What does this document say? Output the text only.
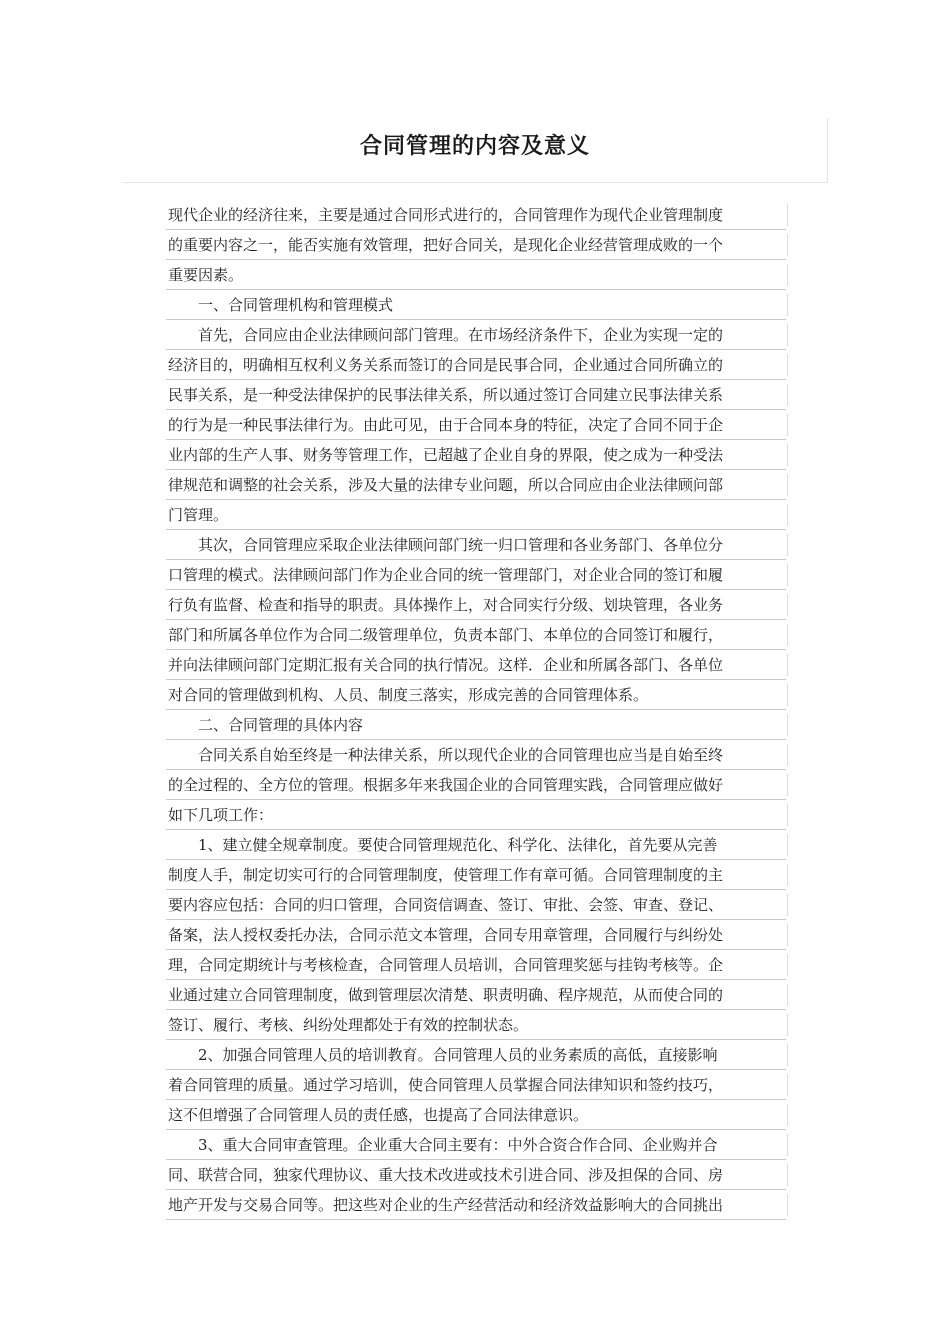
合同管理的内容及意义
现代企业的经济往来，主要是通过合同形式进行的，合同管理作为现代企业管理制度
的重要内容之一，能否实施有效管理，把好合同关，是现化企业经营管理成败的一个
重要因素。
一、合同管理机构和管理模式
首先，合同应由企业法律顾问部门管理。在市场经济条件下，企业为实现一定的
经济目的，明确相互权利义务关系而签订的合同是民事合同，企业通过合同所确立的
民事关系，是一种受法律保护的民事法律关系，所以通过签订合同建立民事法律关系
的行为是一种民事法律行为。由此可见，由于合同本身的特征，决定了合同不同于企
业内部的生产人事、财务等管理工作，已超越了企业自身的界限，使之成为一种受法
律规范和调整的社会关系，涉及大量的法律专业问题，所以合同应由企业法律顾问部
门管理。
其次，合同管理应采取企业法律顾问部门统一归口管理和各业务部门、各单位分
口管理的模式。法律顾问部门作为企业合同的统一管理部门，对企业合同的签订和履
行负有监督、检查和指导的职责。具体操作上，对合同实行分级、划块管理，各业务
部门和所属各单位作为合同二级管理单位，负责本部门、本单位的合同签订和履行，
并向法律顾问部门定期汇报有关合同的执行情况。这样．企业和所属各部门、各单位
对合同的管理做到机构、人员、制度三落实，形成完善的合同管理体系。
二、合同管理的具体内容
合同关系自始至终是一种法律关系，所以现代企业的合同管理也应当是自始至终
的全过程的、全方位的管理。根据多年来我国企业的合同管理实践，合同管理应做好
如下几项工作：
1、建立健全规章制度。要使合同管理规范化、科学化、法律化，首先要从完善
制度人手，制定切实可行的合同管理制度，使管理工作有章可循。合同管理制度的主
要内容应包括：合同的归口管理，合同资信调查、签订、审批、会签、审查、登记、
备案，法人授权委托办法，合同示范文本管理，合同专用章管理，合同履行与纠纷处
理，合同定期统计与考核检查，合同管理人员培训，合同管理奖惩与挂钩考核等。企
业通过建立合同管理制度，做到管理层次清楚、职责明确、程序规范，从而使合同的
签订、履行、考核、纠纷处理都处于有效的控制状态。
2、加强合同管理人员的培训教育。合同管理人员的业务素质的高低，直接影响
着合同管理的质量。通过学习培训，使合同管理人员掌握合同法律知识和签约技巧，
这不但增强了合同管理人员的责任感，也提高了合同法律意识。
3、重大合同审查管理。企业重大合同主要有：中外合资合作合同、企业购并合
同、联营合同，独家代理协议、重大技术改进或技术引进合同、涉及担保的合同、房
地产开发与交易合同等。把这些对企业的生产经营活动和经济效益影响大的合同挑出
